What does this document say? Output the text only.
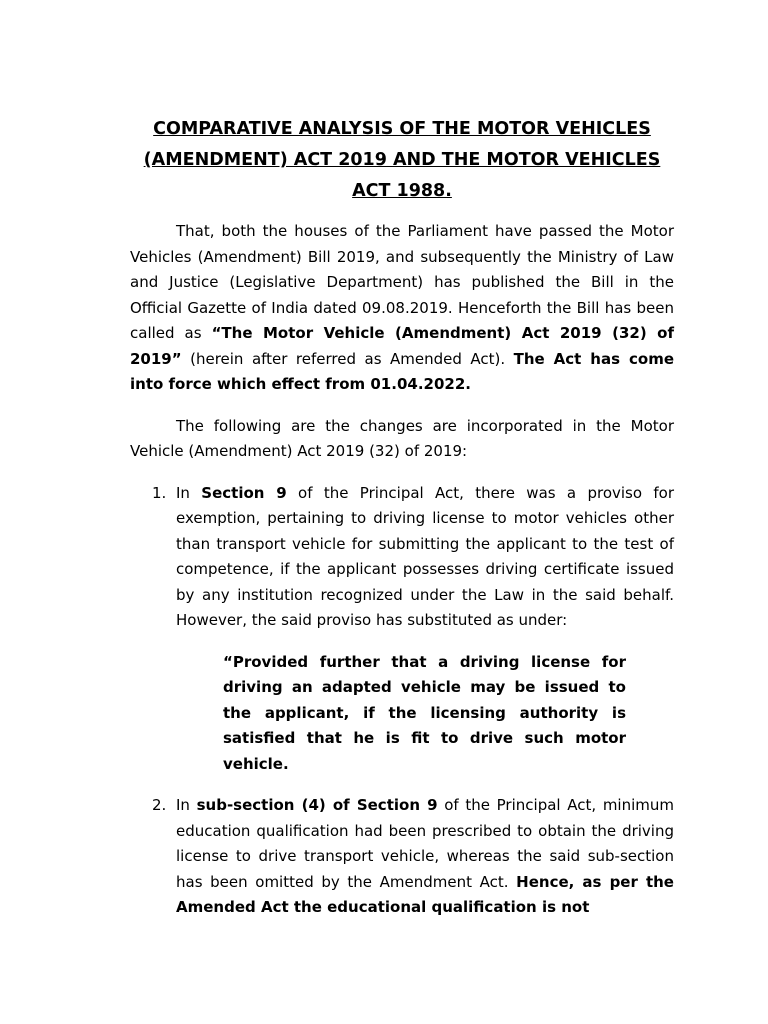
COMPARATIVE ANALYSIS OF THE MOTOR VEHICLES (AMENDMENT) ACT 2019 AND THE MOTOR VEHICLES ACT 1988.

That, both the houses of the Parliament have passed the Motor Vehicles (Amendment) Bill 2019, and subsequently the Ministry of Law and Justice (Legislative Department) has published the Bill in the Official Gazette of India dated 09.08.2019. Henceforth the Bill has been called as “The Motor Vehicle (Amendment) Act 2019 (32) of 2019” (herein after referred as Amended Act). The Act has come into force which effect from 01.04.2022.

The following are the changes are incorporated in the Motor Vehicle (Amendment) Act 2019 (32) of 2019:

1. In Section 9 of the Principal Act, there was a proviso for exemption, pertaining to driving license to motor vehicles other than transport vehicle for submitting the applicant to the test of competence, if the applicant possesses driving certificate issued by any institution recognized under the Law in the said behalf. However, the said proviso has substituted as under:
“Provided further that a driving license for driving an adapted vehicle may be issued to the applicant, if the licensing authority is satisfied that he is fit to drive such motor vehicle.
2. In sub-section (4) of Section 9 of the Principal Act, minimum education qualification had been prescribed to obtain the driving license to drive transport vehicle, whereas the said sub-section has been omitted by the Amendment Act. Hence, as per the Amended Act the educational qualification is not
